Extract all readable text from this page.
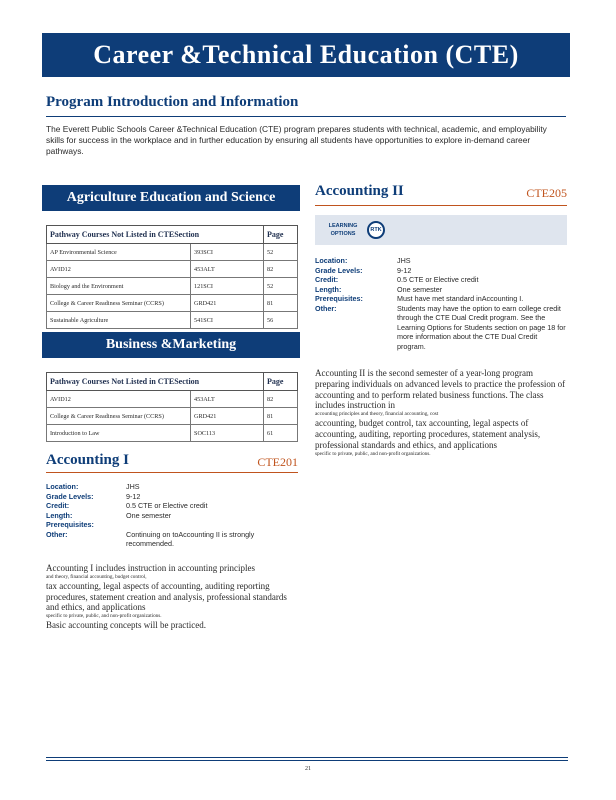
Career &Technical Education (CTE)
Program Introduction and Information
The Everett Public Schools Career &Technical Education (CTE) program prepares students with technical, academic, and employability skills for success in the workplace and in further education by ensuring all students have opportunities to explore in-demand career pathways.
Agriculture Education and Science
Pathway Courses Not Listed in CTESection		Page
AP Environmental Science	393SCI	52
AVID12	453ALT	82
Biology and the Environment	121SCI	52
College & Career Readiness Seminar (CCRS)	GRD421	81
Sustainable Agriculture	541SCI	56
Business &Marketing
Pathway Courses Not Listed in CTESection		Page
AVID12	453ALT	82
College & Career Readiness Seminar (CCRS)	GRD421	81
Introduction to Law	SOC113	61
Accounting I	CTE201
Location:	JHS
Grade Levels:	9-12
Credit:	0.5 CTE or Elective credit
Length:	One semester
Prerequisites:
Other:	Continuing on toAccounting II is strongly recommended.
Accounting I includes instruction in accounting principles
and theory, financial accounting, budget control,
tax accounting, legal aspects of accounting, auditing reporting procedures, statement creation and analysis, professional standards and ethics, and applications
specific to private, public, and non-profit organizations.
Basic accounting concepts will be practiced.
Accounting II	CTE205
LEARNING OPTIONS
RTK
Location:	JHS
Grade Levels:	9-12
Credit:	0.5 CTE or Elective credit
Length:	One semester
Prerequisites:	Must have met standard inAccounting I.
Other:	Students may have the option to earn college credit through the CTE Dual Credit program. See the Learning Options for Students section on page 18 for more information about the CTE Dual Credit program.
Accounting II is the second semester of a year-long program preparing individuals on advanced levels to practice the profession of accounting and to perform related business functions. The class includes instruction in
accounting principles and theory, financial accounting, cost
accounting, budget control, tax accounting, legal aspects of accounting, auditing, reporting procedures, statement analysis, professional standards and ethics, and applications
specific to private, public, and non-profit organizations.
21
